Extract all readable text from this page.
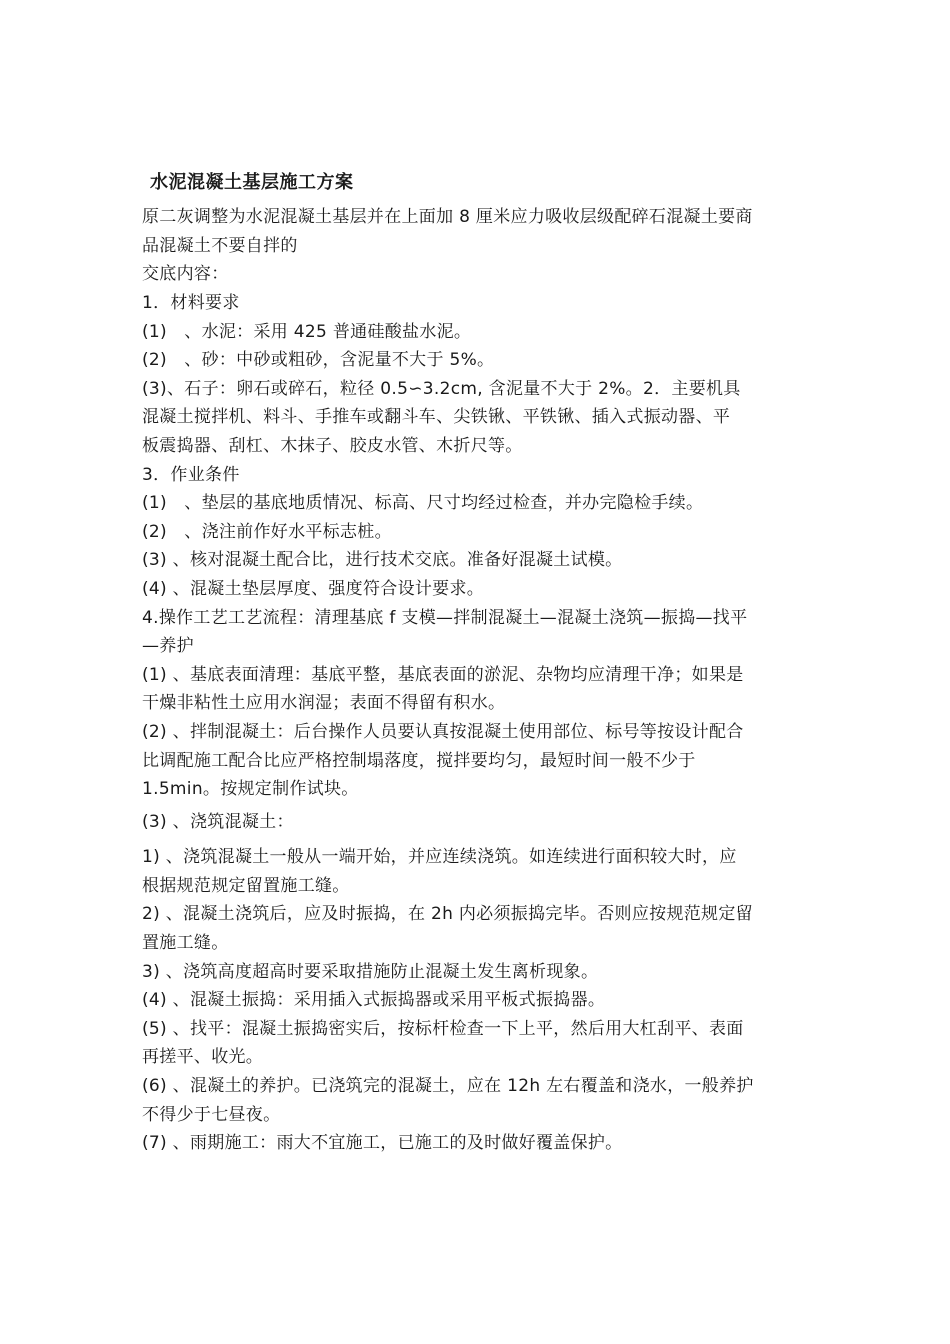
水泥混凝土基层施工方案
原二灰调整为水泥混凝土基层并在上面加 8 厘米应力吸收层级配碎石混凝土要商
品混凝土不要自拌的
交底内容：
1．材料要求
(1)　、水泥：采用 425 普通硅酸盐水泥。
(2)　、砂：中砂或粗砂，含泥量不大于 5%。
(3)、石子：卵石或碎石，粒径 0.5∽3.2cm, 含泥量不大于 2%。2．主要机具
混凝土搅拌机、料斗、手推车或翻斗车、尖铁锹、平铁锹、插入式振动器、平
板震捣器、刮杠、木抹子、胶皮水管、木折尺等。
3．作业条件
(1)　、垫层的基底地质情况、标高、尺寸均经过检查，并办完隐检手续。
(2)　、浇注前作好水平标志桩。
(3) 、核对混凝土配合比，进行技术交底。准备好混凝土试模。
(4) 、混凝土垫层厚度、强度符合设计要求。
4.操作工艺工艺流程：清理基底 f 支模—拌制混凝土—混凝土浇筑—振捣—找平
—养护
(1) 、基底表面清理：基底平整，基底表面的淤泥、杂物均应清理干净；如果是
干燥非粘性土应用水润湿；表面不得留有积水。
(2) 、拌制混凝土：后台操作人员要认真按混凝土使用部位、标号等按设计配合
比调配施工配合比应严格控制塌落度，搅拌要均匀，最短时间一般不少于
1.5min。按规定制作试块。
(3) 、浇筑混凝土：
1) 、浇筑混凝土一般从一端开始，并应连续浇筑。如连续进行面积较大时，应
根据规范规定留置施工缝。
2) 、混凝土浇筑后，应及时振捣，在 2h 内必须振捣完毕。否则应按规范规定留
置施工缝。
3) 、浇筑高度超高时要采取措施防止混凝土发生离析现象。
(4) 、混凝土振捣：采用插入式振捣器或采用平板式振捣器。
(5) 、找平：混凝土振捣密实后，按标杆检查一下上平，然后用大杠刮平、表面
再搓平、收光。
(6) 、混凝土的养护。已浇筑完的混凝土，应在 12h 左右覆盖和浇水，一般养护
不得少于七昼夜。
(7) 、雨期施工：雨大不宜施工，已施工的及时做好覆盖保护。
